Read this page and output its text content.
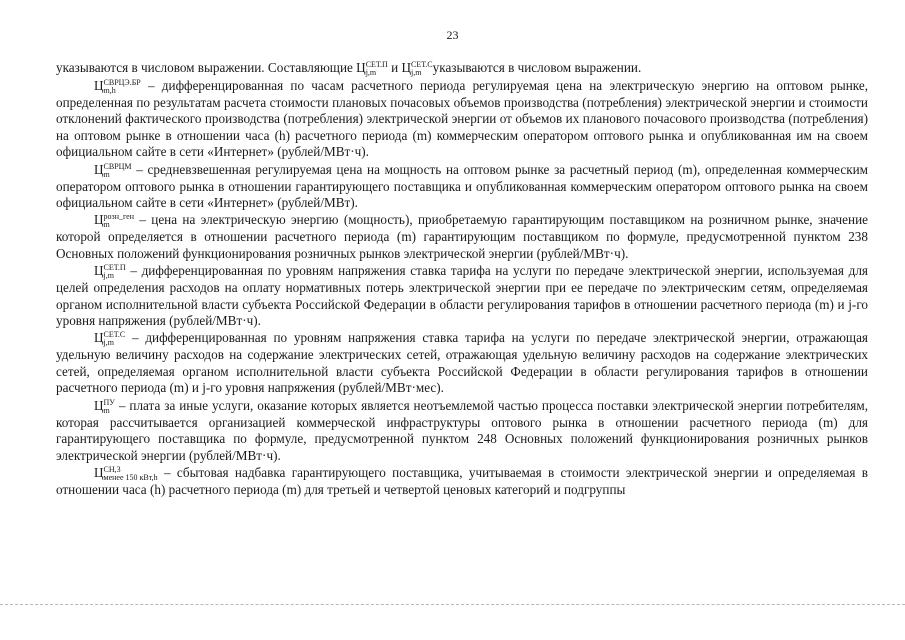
23

указываются в числовом выражении. Составляющие Ц СЕТ.П
j,m и Ц СЕТ.С
j,m указываются в числовом выражении.

Ц СВРЦЭ.БР
m,h	– дифференцированная по часам расчетного периода регулируемая цена на электрическую энергию на оптовом рынке, определенная по результатам расчета стоимости плановых почасовых объемов производства (потребления) электрической энергии и стоимости отклонений фактического производства (потребления) электрической энергии от объемов их планового почасового производства (потребления) на оптовом рынке в отношении часа (h) расчетного периода (m) коммерческим оператором оптового рынка и опубликованная им на своем официальном сайте в сети «Интернет» (рублей/МВт·ч).

Ц СВРЦМ
m	– средневзвешенная регулируемая цена на мощность на оптовом рынке за расчетный период (m), определенная коммерческим оператором оптового рынка в отношении гарантирующего поставщика и опубликованная коммерческим оператором оптового рынка на своем официальном сайте в сети «Интернет» (рублей/МВт).

Ц розн_ген
m	– цена на электрическую энергию (мощность), приобретаемую гарантирующим поставщиком на розничном рынке, значение которой определяется в отношении расчетного периода (m) гарантирующим поставщиком по формуле, предусмотренной пунктом 238 Основных положений функционирования розничных рынков электрической энергии (рублей/МВт·ч).

Ц СЕТ.П
j,m – дифференцированная по уровням напряжения ставка тарифа на услуги по передаче электрической энергии, используемая для целей определения расходов на оплату нормативных потерь электрической энергии при ее передаче по электрическим сетям, определяемая органом исполнительной власти субъекта Российской Федерации в области регулирования тарифов в отношении расчетного периода (m) и j-го уровня напряжения (рублей/МВт·ч).

Ц СЕТ.С
j,m – дифференцированная по уровням напряжения ставка тарифа на услуги по передаче электрической энергии, отражающая удельную величину расходов на содержание электрических сетей, отражающая удельную величину расходов на содержание электрических сетей, определяемая органом исполнительной власти субъекта Российской Федерации в области регулирования тарифов в отношении расчетного периода (m) и j-го уровня напряжения (рублей/МВт·мес).

Ц ПУ
m – плата за иные услуги, оказание которых является неотъемлемой частью процесса поставки электрической энергии потребителям, которая рассчитывается организацией коммерческой инфраструктуры оптового рынка в отношении расчетного периода (m) для гарантирующего поставщика по формуле, предусмотренной пунктом 248 Основных положений функционирования розничных рынков электрической энергии (рублей/МВт·ч).

Ц СН,3
менее 150 кВт,h – сбытовая надбавка гарантирующего поставщика, учитываемая в стоимости электрической энергии и определяемая в отношении часа (h) расчетного периода (m) для третьей и четвертой ценовых категорий и подгруппы
